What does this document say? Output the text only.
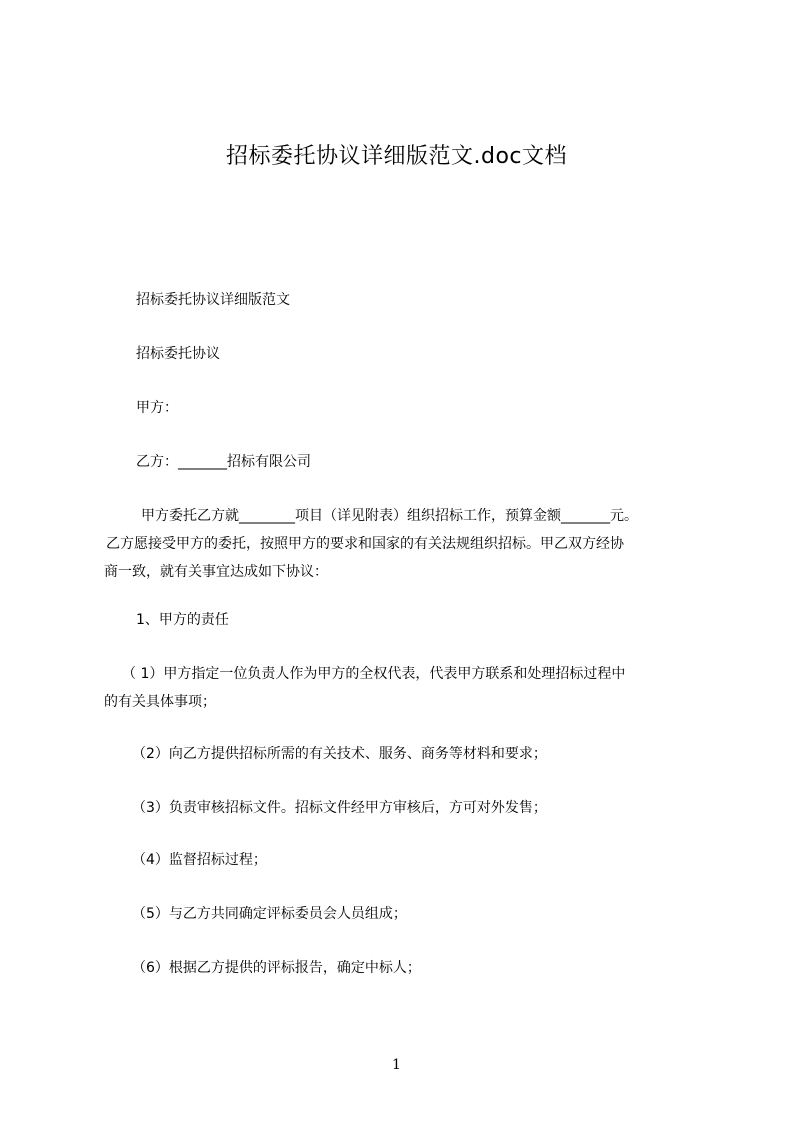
招标委托协议详细版范文.doc文档
招标委托协议详细版范文
招标委托协议
甲方：
乙方：_______招标有限公司
甲方委托乙方就________项目（详见附表）组织招标工作，预算金额_______元。
乙方愿接受甲方的委托，按照甲方的要求和国家的有关法规组织招标。甲乙双方经协
商一致，就有关事宜达成如下协议：
1、甲方的责任
（ 1）甲方指定一位负责人作为甲方的全权代表，代表甲方联系和处理招标过程中
的有关具体事项；
（2）向乙方提供招标所需的有关技术、服务、商务等材料和要求；
（3）负责审核招标文件。招标文件经甲方审核后，方可对外发售；
（4）监督招标过程；
（5）与乙方共同确定评标委员会人员组成；
（6）根据乙方提供的评标报告，确定中标人；
1
